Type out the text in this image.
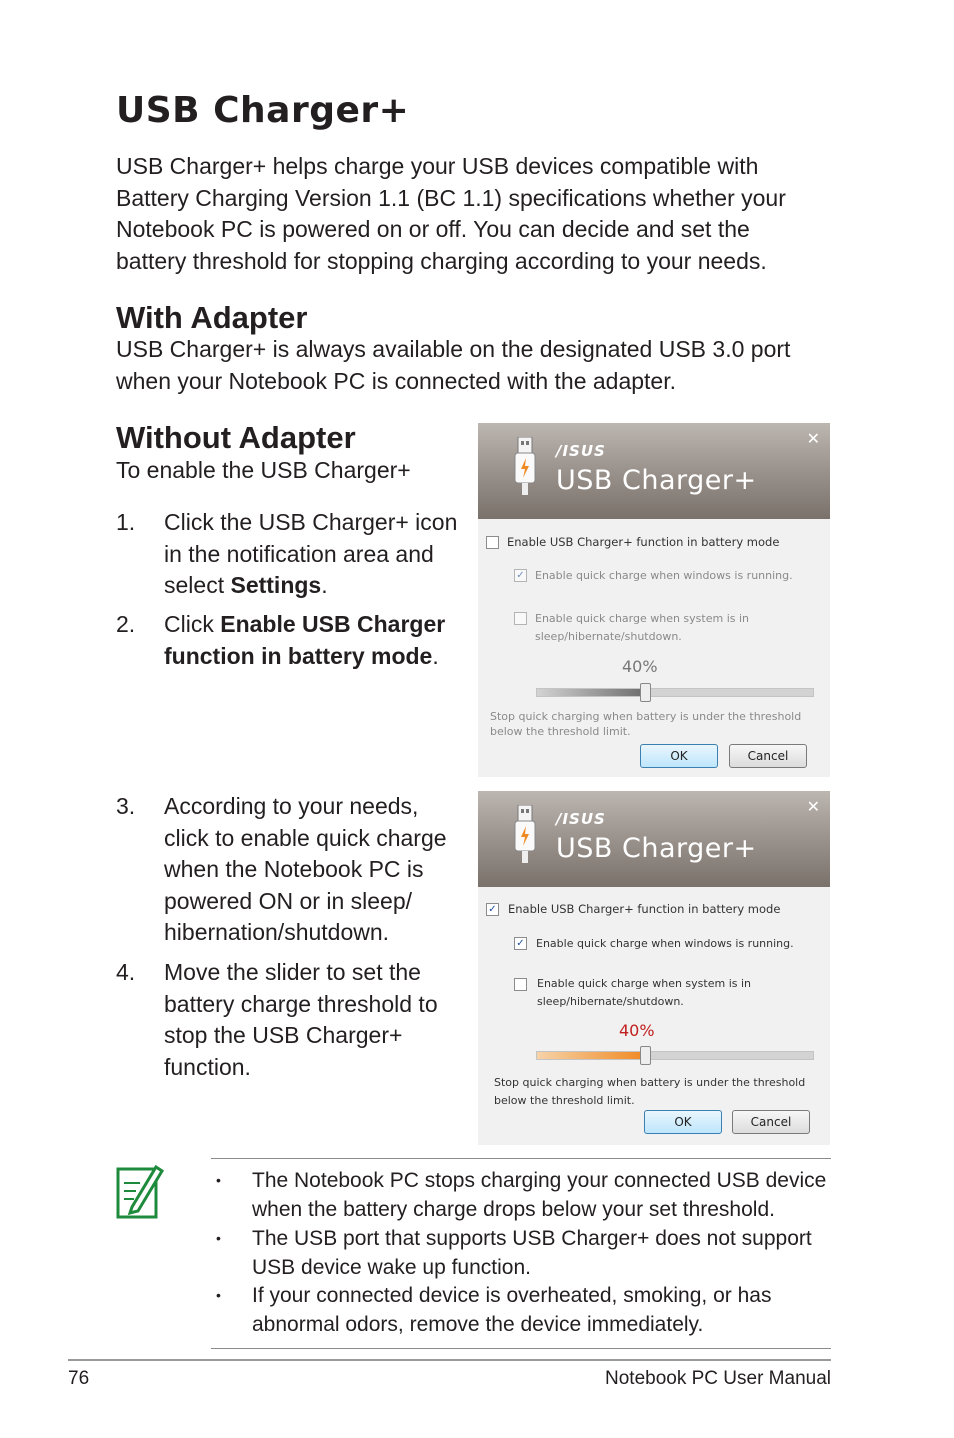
USB Charger+
USB Charger+ helps charge your USB devices compatible with Battery Charging Version 1.1 (BC 1.1) specifications whether your Notebook PC is powered on or off. You can decide and set the battery threshold for stopping charging according to your needs.
With Adapter
USB Charger+ is always available on the designated USB 3.0 port when your Notebook PC is connected with the adapter.
Without Adapter
To enable the USB Charger+
1. Click the USB Charger+ icon in the notification area and select Settings.
2. Click Enable USB Charger function in battery mode.
3. According to your needs, click to enable quick charge when the Notebook PC is powered ON or in sleep/ hibernation/shutdown.
4. Move the slider to set the battery charge threshold to stop the USB Charger+ function.
/ISUS
USB Charger+
✕
Enable USB Charger+ function in battery mode
✓ Enable quick charge when windows is running.
Enable quick charge when system is in sleep/hibernate/shutdown.
40%
Stop quick charging when battery is under the threshold below the threshold limit.
OK	Cancel
/ISUS
USB Charger+
✕
✓ Enable USB Charger+ function in battery mode
✓ Enable quick charge when windows is running.
Enable quick charge when system is in sleep/hibernate/shutdown.
40%
Stop quick charging when battery is under the threshold below the threshold limit.
OK	Cancel
• The Notebook PC stops charging your connected USB device when the battery charge drops below your set threshold.
• The USB port that supports USB Charger+ does not support USB device wake up function.
• If your connected device is overheated, smoking, or has abnormal odors, remove the device immediately.
76	Notebook PC User Manual
